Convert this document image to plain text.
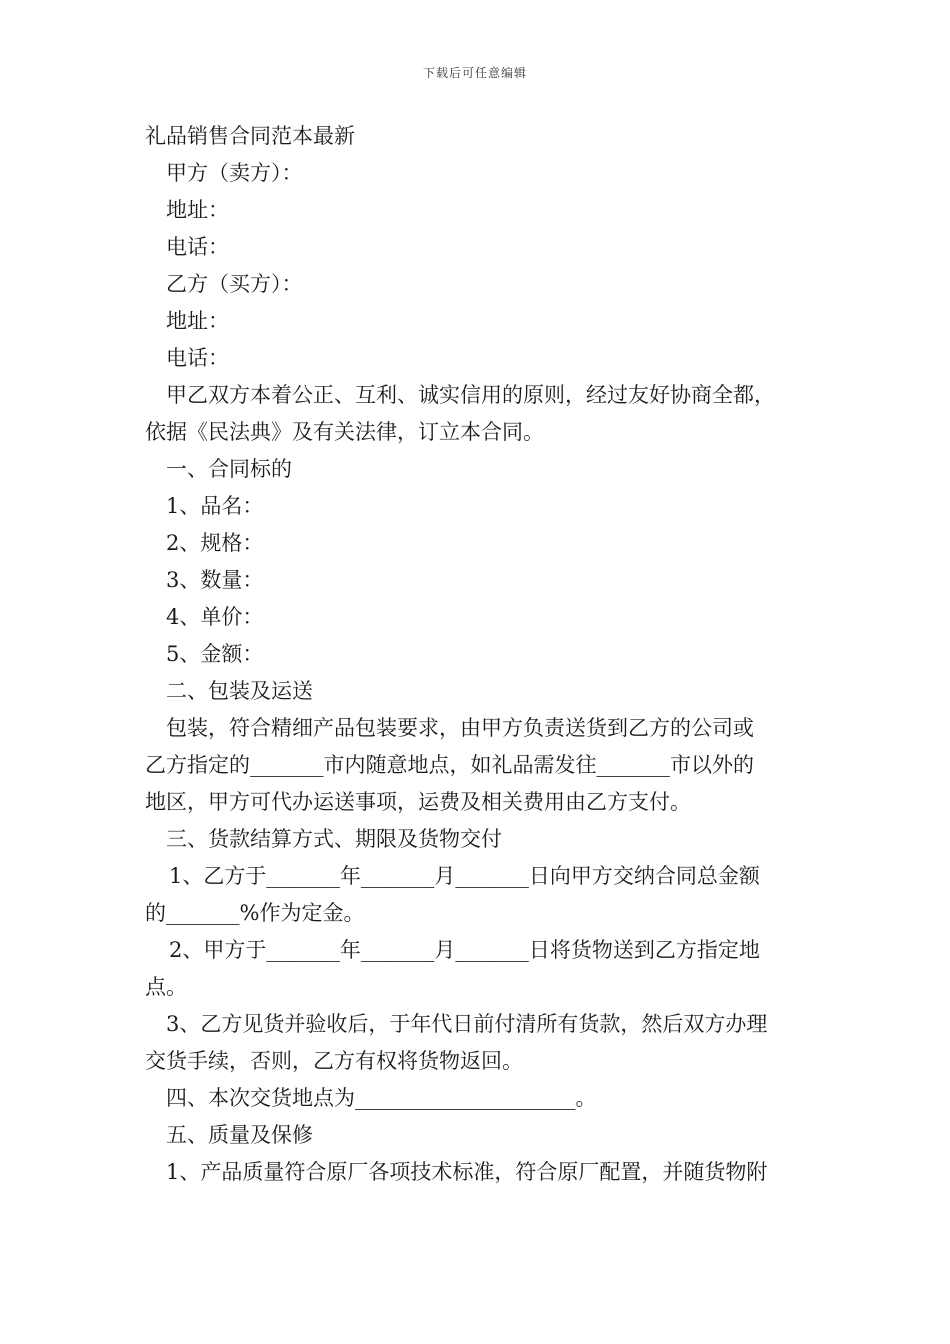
下载后可任意编辑
礼品销售合同范本最新
甲方（卖方）：
地址：
电话：
乙方（买方）：
地址：
电话：
甲乙双方本着公正、互利、诚实信用的原则，经过友好协商全都，
依据《民法典》及有关法律，订立本合同。
一、合同标的
1、品名：
2、规格：
3、数量：
4、单价：
5、金额：
二、包装及运送
包装，符合精细产品包装要求，由甲方负责送货到乙方的公司或
乙方指定的_______市内随意地点，如礼品需发往_______市以外的
地区，甲方可代办运送事项，运费及相关费用由乙方支付。
三、货款结算方式、期限及货物交付
1、乙方于_______年_______月_______日向甲方交纳合同总金额
的_______%作为定金。
2、甲方于_______年_______月_______日将货物送到乙方指定地
点。
3、乙方见货并验收后，于年代日前付清所有货款，然后双方办理
交货手续，否则，乙方有权将货物返回。
四、本次交货地点为_____________________。
五、质量及保修
1、产品质量符合原厂各项技术标准，符合原厂配置，并随货物附
